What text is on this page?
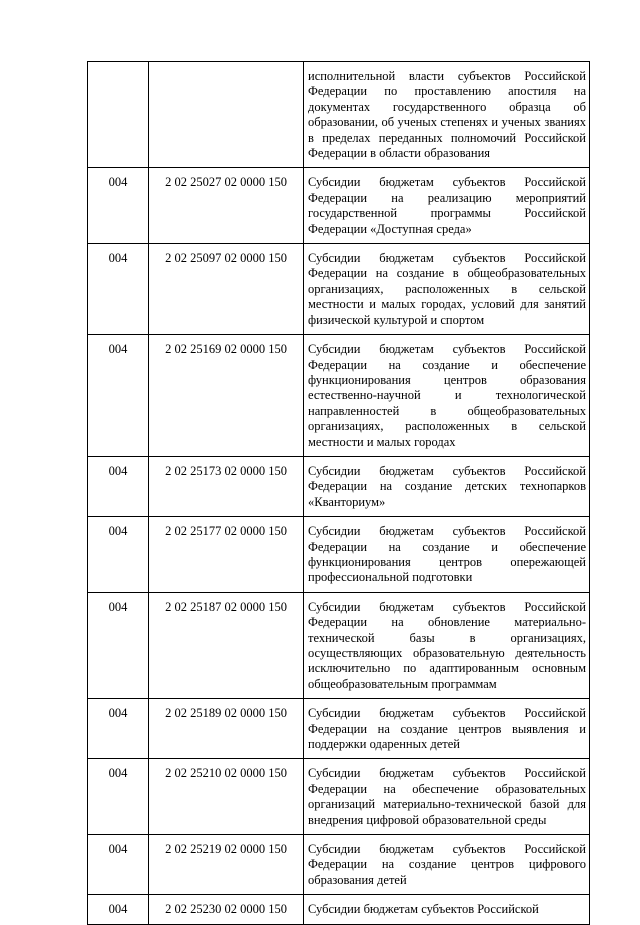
		исполнительной власти субъектов Российской Федерации по проставлению апостиля на документах государственного образца об образовании, об ученых степенях и ученых званиях в пределах переданных полномочий Российской Федерации в области образования
004	2 02 25027 02 0000 150	Субсидии бюджетам субъектов Российской Федерации на реализацию мероприятий государственной программы Российской Федерации «Доступная среда»
004	2 02 25097 02 0000 150	Субсидии бюджетам субъектов Российской Федерации на создание в общеобразовательных организациях, расположенных в сельской местности и малых городах, условий для занятий физической культурой и спортом
004	2 02 25169 02 0000 150	Субсидии бюджетам субъектов Российской Федерации на создание и обеспечение функционирования центров образования естественно-научной и технологической направленностей в общеобразовательных организациях, расположенных в сельской местности и малых городах
004	2 02 25173 02 0000 150	Субсидии бюджетам субъектов Российской Федерации на создание детских технопарков «Кванториум»
004	2 02 25177 02 0000 150	Субсидии бюджетам субъектов Российской Федерации на создание и обеспечение функционирования центров опережающей профессиональной подготовки
004	2 02 25187 02 0000 150	Субсидии бюджетам субъектов Российской Федерации на обновление материально-технической базы в организациях, осуществляющих образовательную деятельность исключительно по адаптированным основным общеобразовательным программам
004	2 02 25189 02 0000 150	Субсидии бюджетам субъектов Российской Федерации на создание центров выявления и поддержки одаренных детей
004	2 02 25210 02 0000 150	Субсидии бюджетам субъектов Российской Федерации на обеспечение образовательных организаций материально-технической базой для внедрения цифровой образовательной среды
004	2 02 25219 02 0000 150	Субсидии бюджетам субъектов Российской Федерации на создание центров цифрового образования детей
004	2 02 25230 02 0000 150	Субсидии бюджетам субъектов Российской
